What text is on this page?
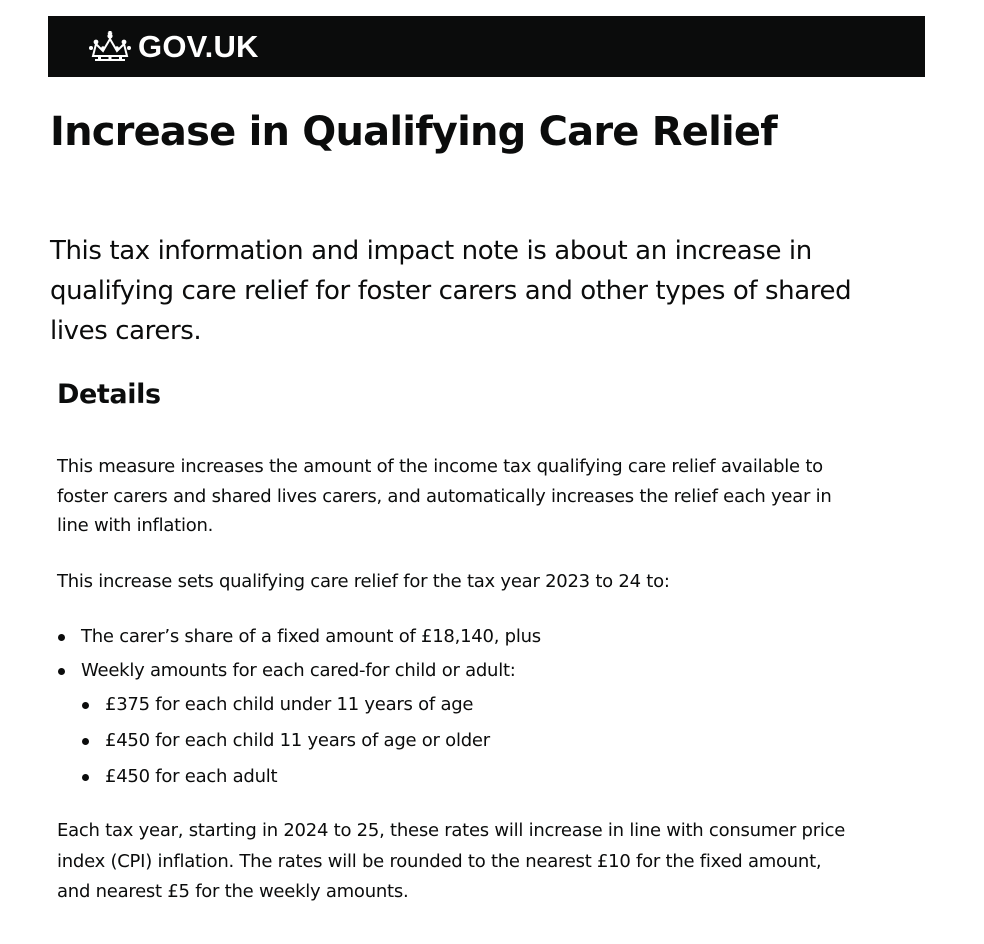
GOV.UK
Increase in Qualifying Care Relief

This tax information and impact note is about an increase in qualifying care relief for foster carers and other types of shared lives carers.

Details

This measure increases the amount of the income tax qualifying care relief available to foster carers and shared lives carers, and automatically increases the relief each year in line with inflation.

This increase sets qualifying care relief for the tax year 2023 to 24 to:

The carer’s share of a fixed amount of £18,140, plus
Weekly amounts for each cared-for child or adult:
£375 for each child under 11 years of age
£450 for each child 11 years of age or older
£450 for each adult

Each tax year, starting in 2024 to 25, these rates will increase in line with consumer price index (CPI) inflation. The rates will be rounded to the nearest £10 for the fixed amount, and nearest £5 for the weekly amounts.
